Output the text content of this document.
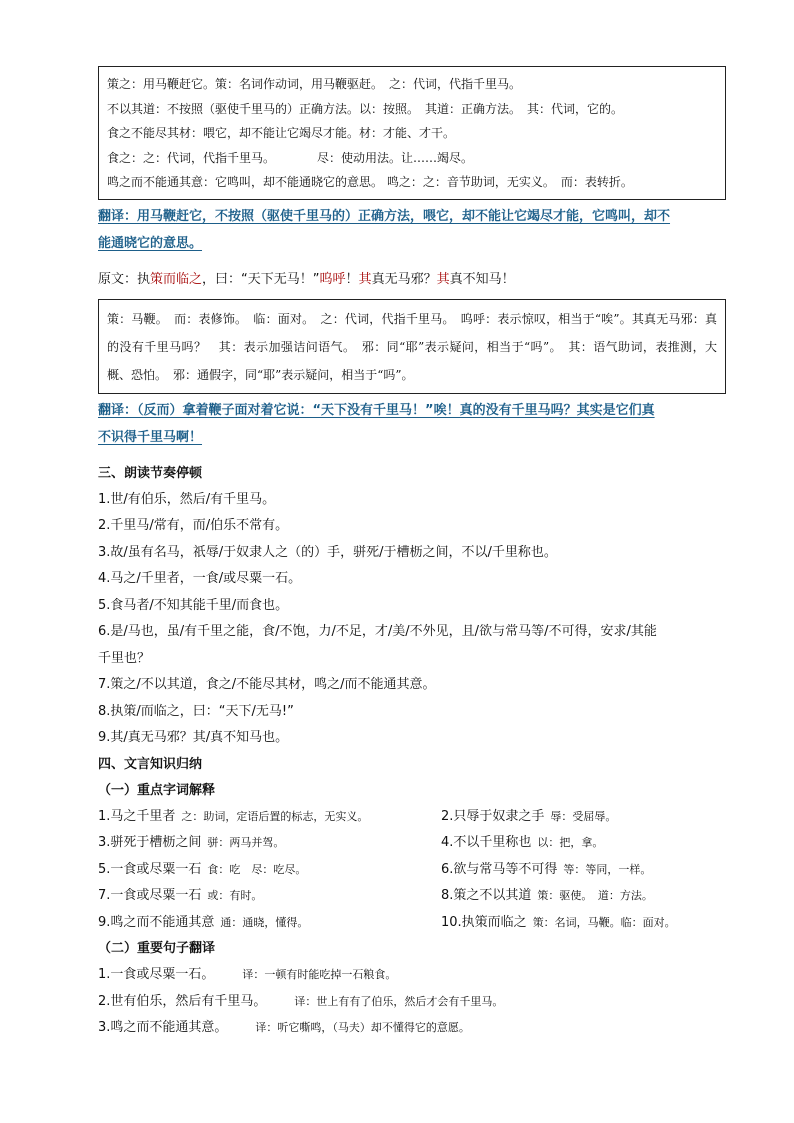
策之：用马鞭赶它。策：名词作动词，用马鞭驱赶。　之：代词，代指千里马。
不以其道：不按照（驱使千里马的）正确方法。以：按照。　其道：正确方法。　其：代词，它的。
食之不能尽其材：喂它，却不能让它竭尽才能。材：才能、才干。
食之：之：代词，代指千里马。　　　　尽：使动用法。让……竭尽。
鸣之而不能通其意：它鸣叫，却不能通晓它的意思。 鸣之：之：音节助词，无实义。　而：表转折。
翻译：用马鞭赶它，不按照（驱使千里马的）正确方法，喂它，却不能让它竭尽才能，它鸣叫，却不
能通晓它的意思。
原文：执策而临之，曰：“天下无马！”呜呼！其真无马邪？其真不知马！
策：马鞭。　而：表修饰。　临：面对。　之：代词，代指千里马。　呜呼：表示惊叹，相当于“唉”。其真无马邪：真的没有千里马吗？　其：表示加强诘问语气。　邪：同“耶”表示疑问，相当于“吗”。　其：语气助词，表推测，大概、恐怕。　邪：通假字，同“耶”表示疑问，相当于“吗”。
翻译：（反而）拿着鞭子面对着它说：“天下没有千里马！”唉！真的没有千里马吗？其实是它们真
不识得千里马啊！
三、朗读节奏停顿
1.世/有伯乐，然后/有千里马。
2.千里马/常有，而/伯乐不常有。
3.故/虽有名马，祇辱/于奴隶人之（的）手，骈死/于槽枥之间，不以/千里称也。
4.马之/千里者，一食/或尽粟一石。
5.食马者/不知其能千里/而食也。
6.是/马也，虽/有千里之能，食/不饱，力/不足，才/美/不外见，且/欲与常马等/不可得，安求/其能
千里也？
7.策之/不以其道，食之/不能尽其材，鸣之/而不能通其意。
8.执策/而临之，曰：“天下/无马!”
9.其/真无马邪？其/真不知马也。
四、文言知识归纳
（一）重点字词解释
1.马之千里者 之：助词，定语后置的标志，无实义。	2.只辱于奴隶之手 辱：受屈辱。
3.骈死于槽枥之间 骈：两马并驾。	4.不以千里称也 以：把，拿。
5.一食或尽粟一石 食：吃　尽：吃尽。	6.欲与常马等不可得 等：等同，一样。
7.一食或尽粟一石 或：有时。	8.策之不以其道 策：驱使。　道：方法。
9.鸣之而不能通其意 通：通晓，懂得。	10.执策而临之 策：名词，马鞭。临：面对。
（二）重要句子翻译
1.一食或尽粟一石。	译：一顿有时能吃掉一石粮食。
2.世有伯乐，然后有千里马。	译：世上有有了伯乐，然后才会有千里马。
3.鸣之而不能通其意。	译：听它嘶鸣，（马夫）却不懂得它的意愿。
